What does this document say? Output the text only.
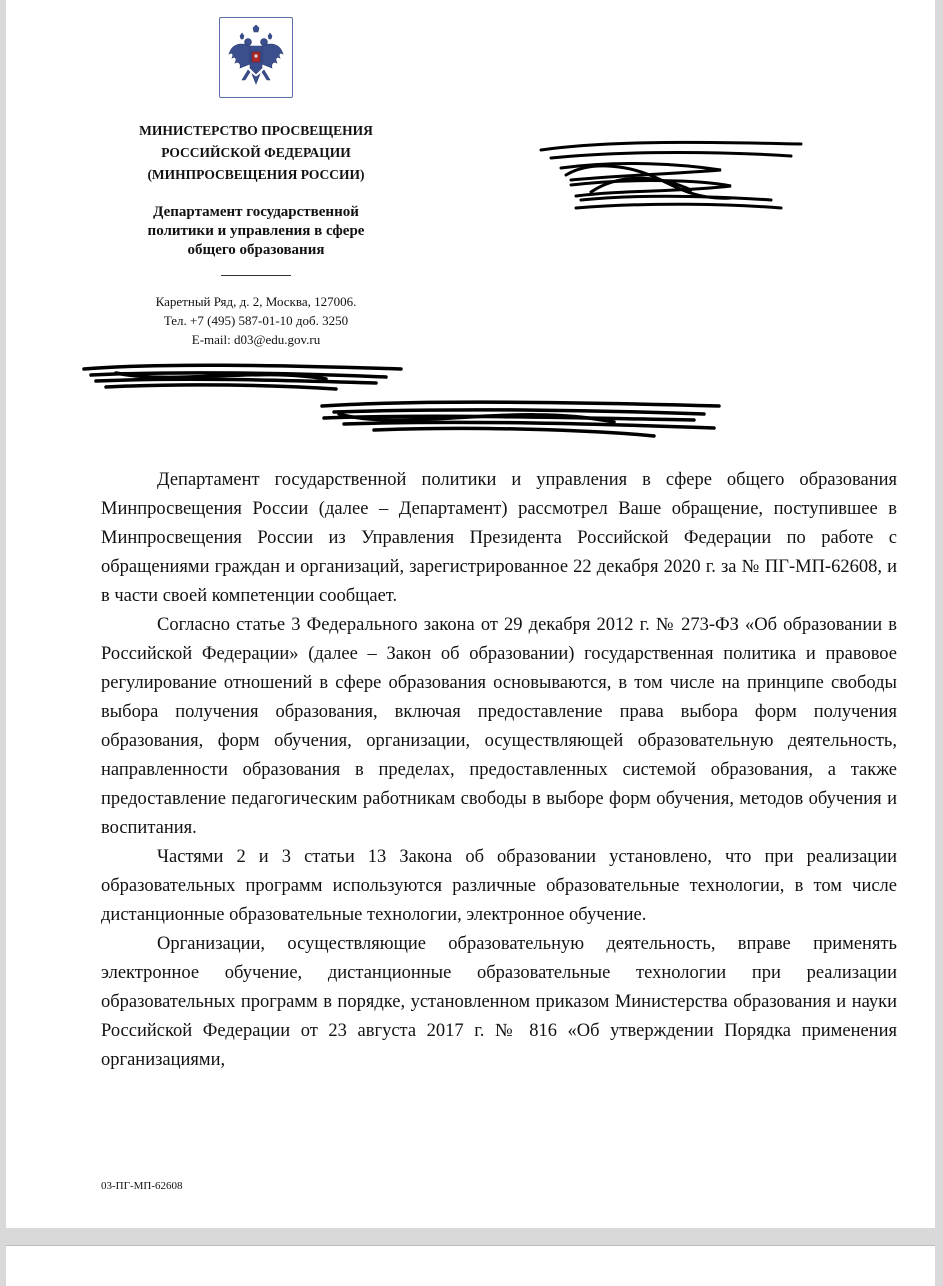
МИНИСТЕРСТВО ПРОСВЕЩЕНИЯ
РОССИЙСКОЙ ФЕДЕРАЦИИ
(МИНПРОСВЕЩЕНИЯ РОССИИ)
Департамент государственной
политики и управления в сфере
общего образования
Каретный Ряд, д. 2, Москва, 127006.
Тел. +7 (495) 587-01-10 доб. 3250
E-mail: d03@edu.gov.ru

Департамент государственной политики и управления в сфере общего образования Минпросвещения России (далее – Департамент) рассмотрел Ваше обращение, поступившее в Минпросвещения России из Управления Президента Российской Федерации по работе с обращениями граждан и организаций, зарегистрированное 22 декабря 2020 г. за № ПГ-МП-62608, и в части своей компетенции сообщает.

Согласно статье 3 Федерального закона от 29 декабря 2012 г. № 273-ФЗ «Об образовании в Российской Федерации» (далее – Закон об образовании) государственная политика и правовое регулирование отношений в сфере образования основываются, в том числе на принципе свободы выбора получения образования, включая предоставление права выбора форм получения образования, форм обучения, организации, осуществляющей образовательную деятельность, направленности образования в пределах, предоставленных системой образования, а также предоставление педагогическим работникам свободы в выборе форм обучения, методов обучения и воспитания.

Частями 2 и 3 статьи 13 Закона об образовании установлено, что при реализации образовательных программ используются различные образовательные технологии, в том числе дистанционные образовательные технологии, электронное обучение.

Организации, осуществляющие образовательную деятельность, вправе применять электронное обучение, дистанционные образовательные технологии при реализации образовательных программ в порядке, установленном приказом Министерства образования и науки Российской Федерации от 23 августа 2017 г. № 816 «Об утверждении Порядка применения организациями,

03-ПГ-МП-62608
